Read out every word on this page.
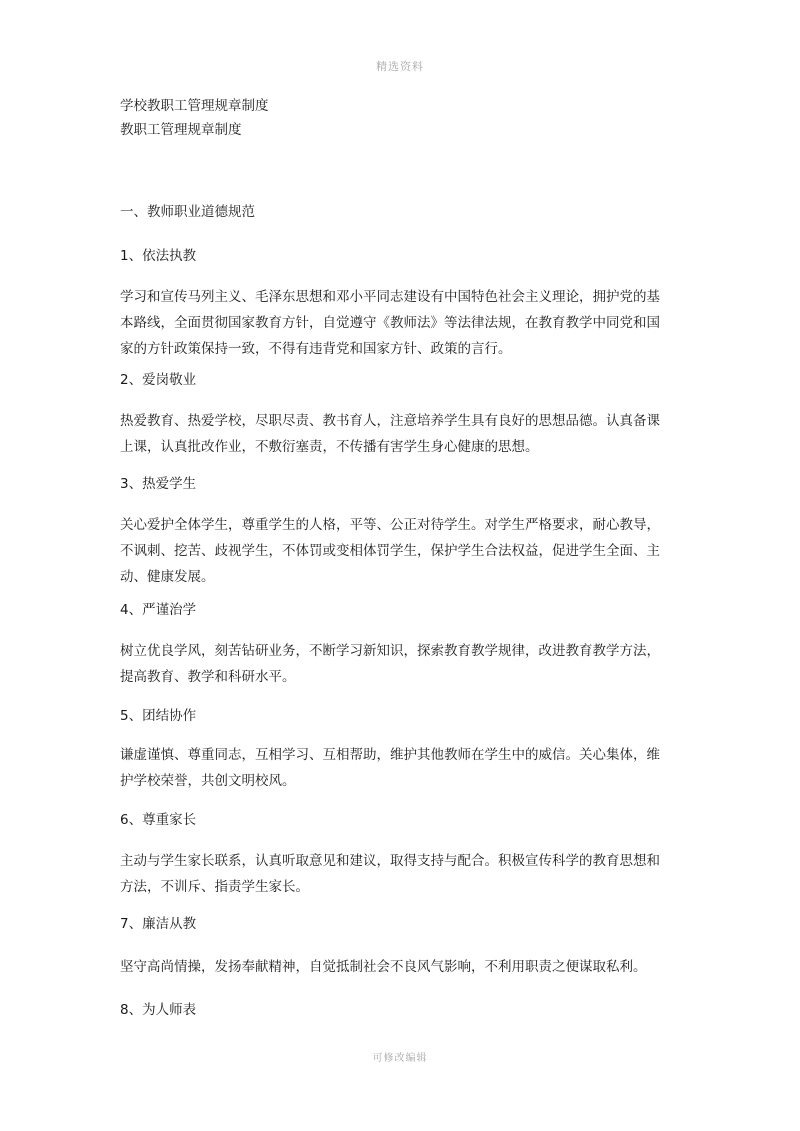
精选资料
学校教职工管理规章制度
教职工管理规章制度
一、教师职业道德规范
1、依法执教
学习和宣传马列主义、毛泽东思想和邓小平同志建设有中国特色社会主义理论，拥护党的基
本路线，全面贯彻国家教育方针，自觉遵守《教师法》等法律法规，在教育教学中同党和国
家的方针政策保持一致，不得有违背党和国家方针、政策的言行。
2、爱岗敬业
热爱教育、热爱学校，尽职尽责、教书育人，注意培养学生具有良好的思想品德。认真备课
上课，认真批改作业，不敷衍塞责，不传播有害学生身心健康的思想。
3、热爱学生
关心爱护全体学生，尊重学生的人格，平等、公正对待学生。对学生严格要求，耐心教导，
不讽刺、挖苦、歧视学生，不体罚或变相体罚学生，保护学生合法权益，促进学生全面、主
动、健康发展。
4、严谨治学
树立优良学风，刻苦钻研业务，不断学习新知识，探索教育教学规律，改进教育教学方法，
提高教育、教学和科研水平。
5、团结协作
谦虚谨慎、尊重同志，互相学习、互相帮助，维护其他教师在学生中的威信。关心集体，维
护学校荣誉，共创文明校风。
6、尊重家长
主动与学生家长联系，认真听取意见和建议，取得支持与配合。积极宣传科学的教育思想和
方法，不训斥、指责学生家长。
7、廉洁从教
坚守高尚情操，发扬奉献精神，自觉抵制社会不良风气影响，不利用职责之便谋取私利。
8、为人师表
可修改编辑
